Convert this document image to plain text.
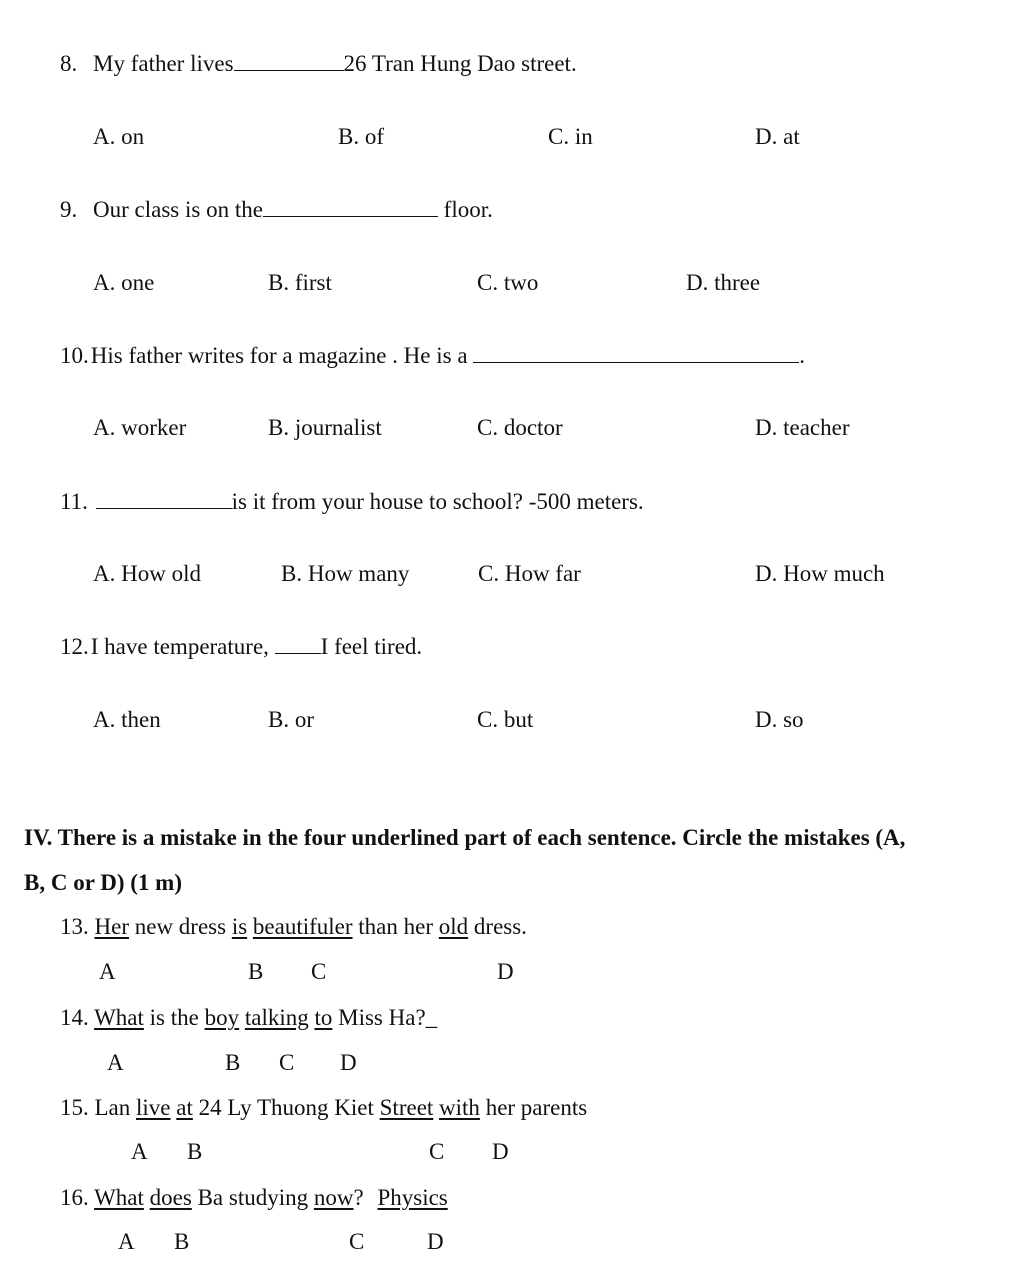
8. My father lives	26 Tran Hung Dao street.
A. on	B. of	C. in	D. at
9. Our class is on the	floor.
A. one	B. first	C. two	D. three
10.His father writes for a magazine . He is a	.
A. worker	B. journalist	C. doctor	D. teacher
11.	is it from your house to school? -500 meters.
A. How old	B. How many	C. How far	D. How much
12.I have temperature, I feel tired.
A. then	B. or	C. but	D. so
IV. There is a mistake in the four underlined part of each sentence. Circle the mistakes (A,
B, C or D) (1 m)
13. Her new dress is beautifuler than her old dress.
A	B C	D
14. What is the boy talking to Miss Ha?_
A	B C D
15. Lan live at 24 Ly Thuong Kiet Street with her parents
A B	C D
16. What does Ba studying now? Physics
A B	C	D
